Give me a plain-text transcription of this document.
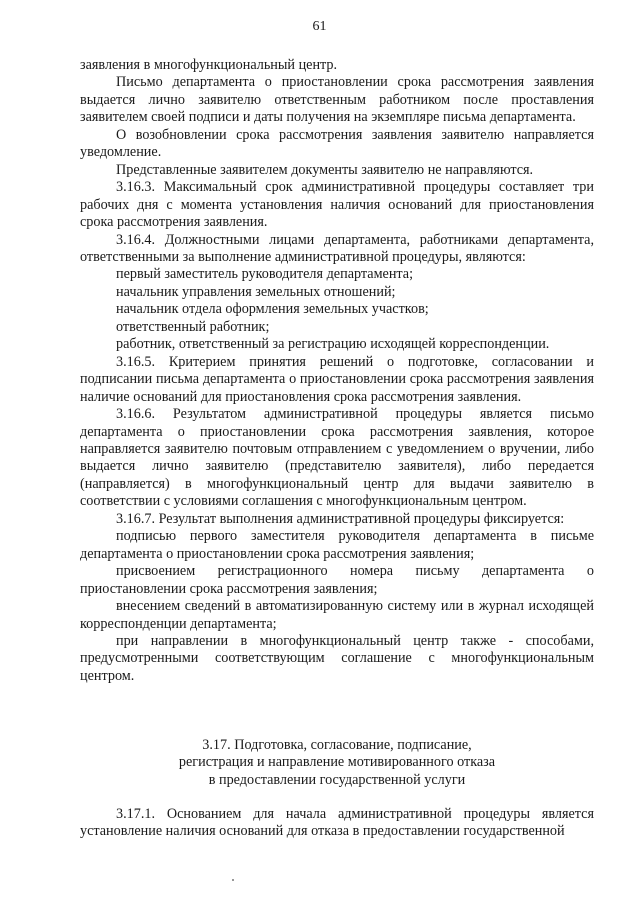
61

заявления в многофункциональный центр.

Письмо департамента о приостановлении срока рассмотрения заявления выдается лично заявителю ответственным работником после проставления заявителем своей подписи и даты получения на экземпляре письма департамента.

О возобновлении срока рассмотрения заявления заявителю направляется уведомление.

Представленные заявителем документы заявителю не направляются.

3.16.3. Максимальный срок административной процедуры составляет три рабочих дня с момента установления наличия оснований для приостановления срока рассмотрения заявления.

3.16.4. Должностными лицами департамента, работниками департамента, ответственными за выполнение административной процедуры, являются:

первый заместитель руководителя департамента;

начальник управления земельных отношений;

начальник отдела оформления земельных участков;

ответственный работник;

работник, ответственный за регистрацию исходящей корреспонденции.

3.16.5. Критерием принятия решений о подготовке, согласовании и подписании письма департамента о приостановлении срока рассмотрения заявления наличие оснований для приостановления срока рассмотрения заявления.

3.16.6. Результатом административной процедуры является письмо департамента о приостановлении срока рассмотрения заявления, которое направляется заявителю почтовым отправлением с уведомлением о вручении, либо выдается лично заявителю (представителю заявителя), либо передается (направляется) в многофункциональный центр для выдачи заявителю в соответствии с условиями соглашения с многофункциональным центром.

3.16.7. Результат выполнения административной процедуры фиксируется:

подписью первого заместителя руководителя департамента в письме департамента о приостановлении срока рассмотрения заявления;

присвоением регистрационного номера письму департамента о приостановлении срока рассмотрения заявления;

внесением сведений в автоматизированную систему или в журнал исходящей корреспонденции департамента;

при направлении в многофункциональный центр также - способами, предусмотренными соответствующим соглашение с многофункциональным центром.

3.17. Подготовка, согласование, подписание,
регистрация и направление мотивированного отказа
в предоставлении государственной услуги

3.17.1. Основанием для начала административной процедуры является установление наличия оснований для отказа в предоставлении государственной
